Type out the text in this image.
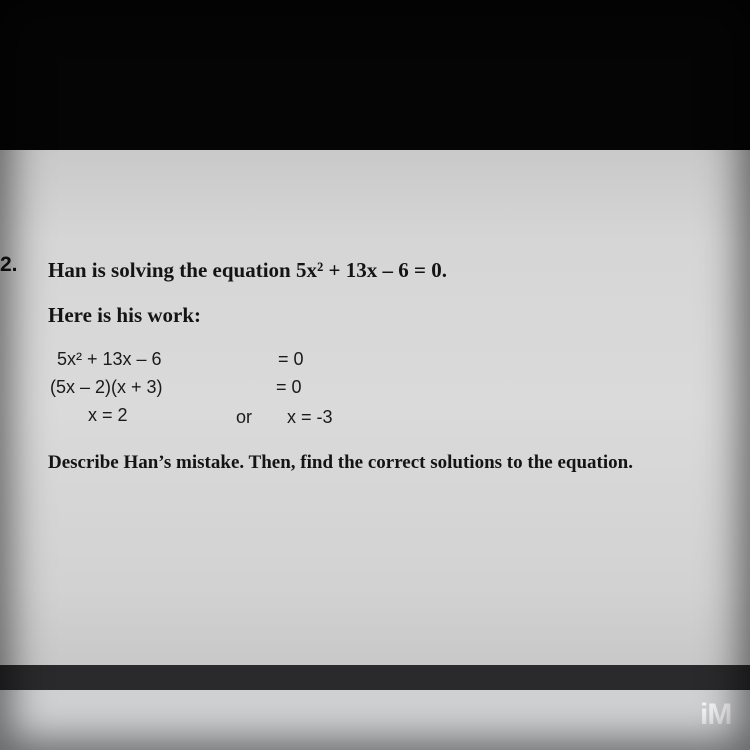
2. Han is solving the equation 5x² + 13x – 6 = 0.
Here is his work:
5x² + 13x – 6	= 0
(5x – 2)(x + 3)	= 0
x = 2	or x = -3
Describe Han’s mistake. Then, find the correct solutions to the equation.
iM
